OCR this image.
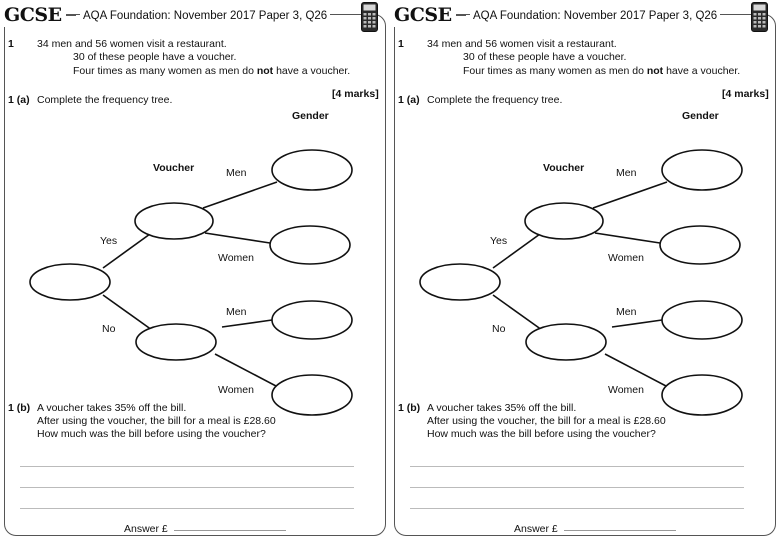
GCSE	AQA Foundation: November 2017 Paper 3, Q26
1 34 men and 56 women visit a restaurant.
30 of these people have a voucher.
Four times as many women as men do not have a voucher.
1 (a) Complete the frequency tree.	[4 marks]
Gender
Voucher	Men
Yes
Women
Men
No
Women
1 (b) A voucher takes 35% off the bill.
After using the voucher, the bill for a meal is £28.60
How much was the bill before using the voucher?
Answer £
GCSE	AQA Foundation: November 2017 Paper 3, Q26
1 34 men and 56 women visit a restaurant.
30 of these people have a voucher.
Four times as many women as men do not have a voucher.
1 (a) Complete the frequency tree.	[4 marks]
Gender
Voucher	Men
Yes
Women
Men
No
Women
1 (b) A voucher takes 35% off the bill.
After using the voucher, the bill for a meal is £28.60
How much was the bill before using the voucher?
Answer £
